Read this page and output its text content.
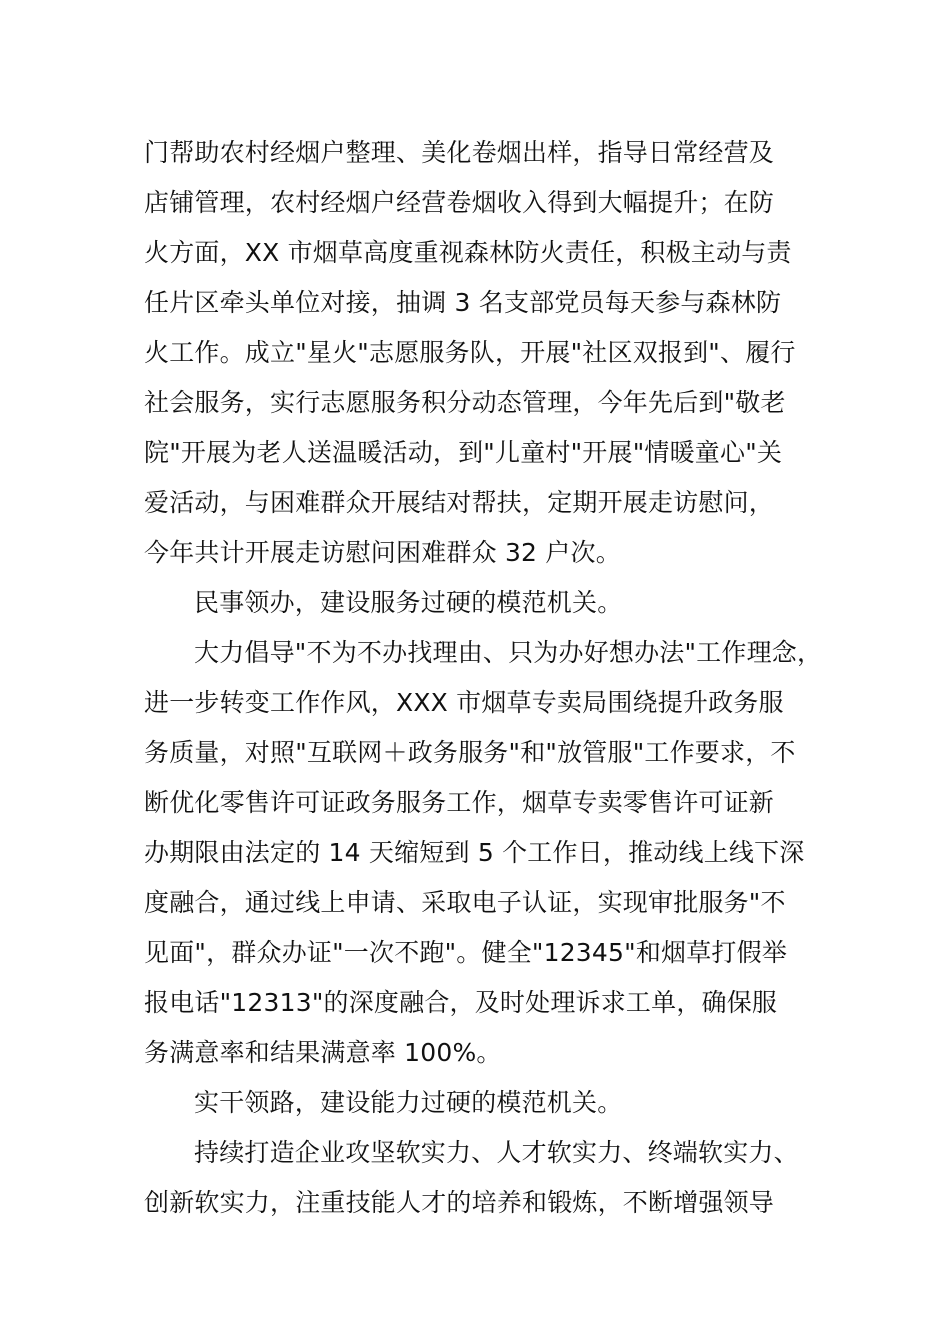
门帮助农村经烟户整理、美化卷烟出样，指导日常经营及
店铺管理，农村经烟户经营卷烟收入得到大幅提升；在防
火方面，XX 市烟草高度重视森林防火责任，积极主动与责
任片区牵头单位对接，抽调 3 名支部党员每天参与森林防
火工作。成立"星火"志愿服务队，开展"社区双报到"、履行
社会服务，实行志愿服务积分动态管理，今年先后到"敬老
院"开展为老人送温暖活动，到"儿童村"开展"情暖童心"关
爱活动，与困难群众开展结对帮扶，定期开展走访慰问，
今年共计开展走访慰问困难群众 32 户次。
民事领办，建设服务过硬的模范机关。
大力倡导"不为不办找理由、只为办好想办法"工作理念，
进一步转变工作作风，XXX 市烟草专卖局围绕提升政务服
务质量，对照"互联网＋政务服务"和"放管服"工作要求，不
断优化零售许可证政务服务工作，烟草专卖零售许可证新
办期限由法定的 14 天缩短到 5 个工作日，推动线上线下深
度融合，通过线上申请、采取电子认证，实现审批服务"不
见面"，群众办证"一次不跑"。健全"12345"和烟草打假举
报电话"12313"的深度融合，及时处理诉求工单，确保服
务满意率和结果满意率 100%。
实干领路，建设能力过硬的模范机关。
持续打造企业攻坚软实力、人才软实力、终端软实力、
创新软实力，注重技能人才的培养和锻炼，不断增强领导
